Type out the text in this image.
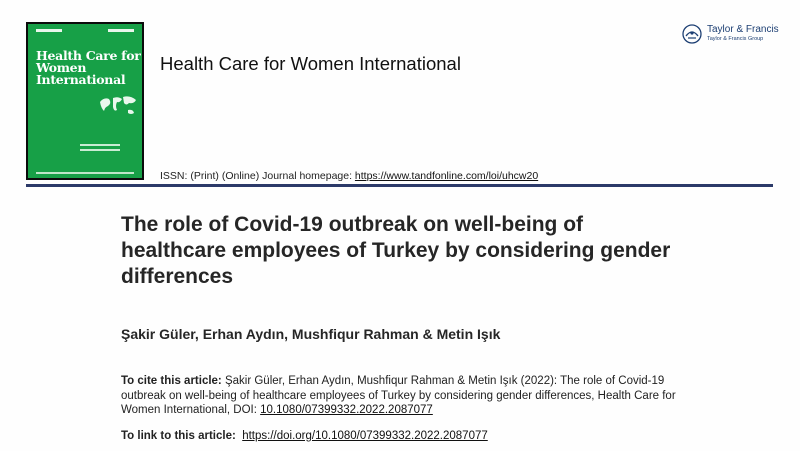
Health Care for Women International
Health Care for Women International
ISSN: (Print) (Online) Journal homepage: https://www.tandfonline.com/loi/uhcw20
Taylor & Francis
Taylor & Francis Group
The role of Covid-19 outbreak on well-being of healthcare employees of Turkey by considering gender differences
Şakir Güler, Erhan Aydın, Mushfiqur Rahman & Metin Işık
To cite this article: Şakir Güler, Erhan Aydın, Mushfiqur Rahman & Metin Işık (2022): The role of Covid-19 outbreak on well-being of healthcare employees of Turkey by considering gender differences, Health Care for Women International, DOI: 10.1080/07399332.2022.2087077
To link to this article: https://doi.org/10.1080/07399332.2022.2087077
